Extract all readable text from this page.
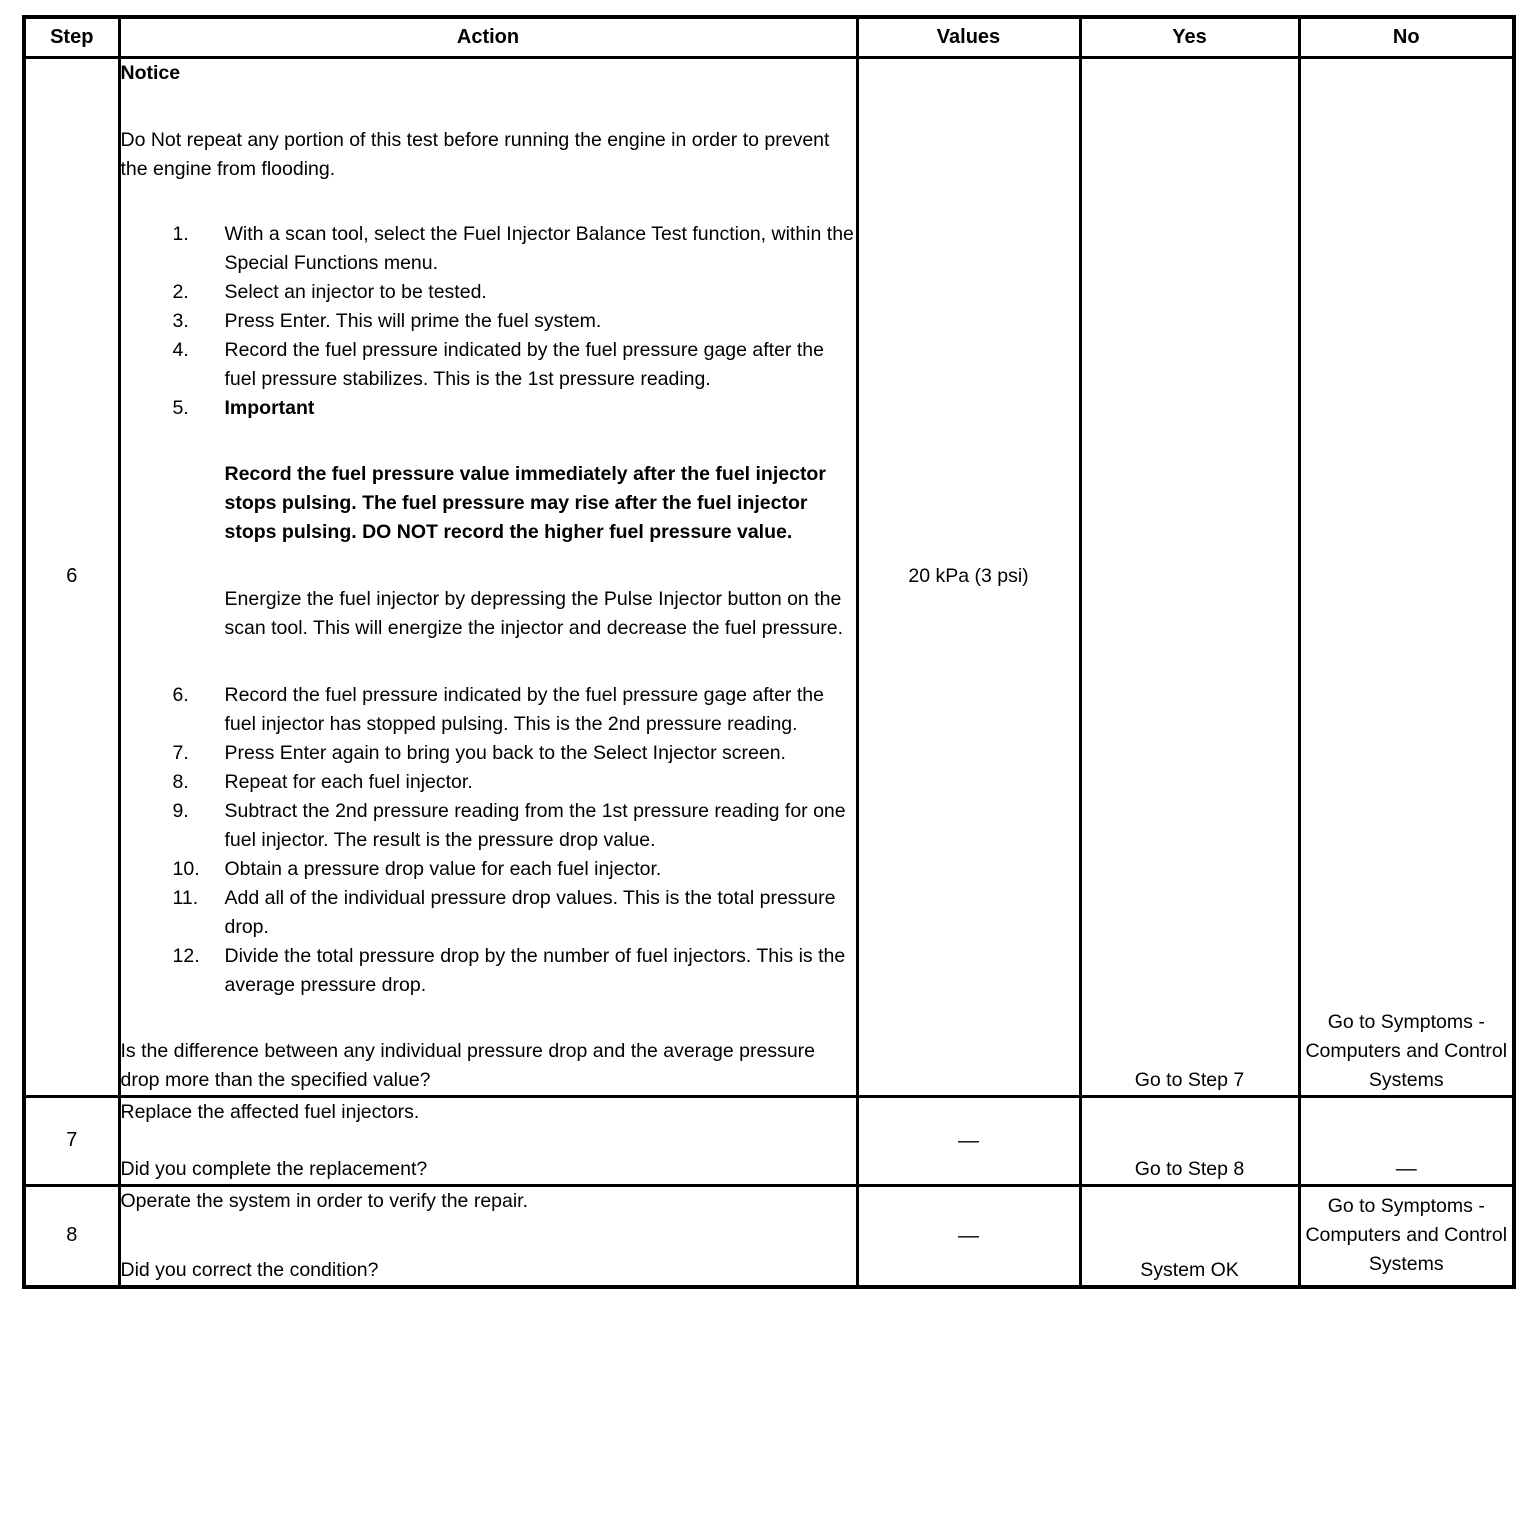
Step	Action	Values	Yes	No
6	

Notice

Do Not repeat any portion of this test before running the engine in order to prevent the engine from flooding.

1.	With a scan tool, select the Fuel Injector Balance Test function, within the Special Functions menu.
2.	Select an injector to be tested.
3.	Press Enter. This will prime the fuel system.
4.	Record the fuel pressure indicated by the fuel pressure gage after the fuel pressure stabilizes. This is the 1st pressure reading.
5.	Important

Record the fuel pressure value immediately after the fuel injector stops pulsing. The fuel pressure may rise after the fuel injector stops pulsing. DO NOT record the higher fuel pressure value.

Energize the fuel injector by depressing the Pulse Injector button on the scan tool. This will energize the injector and decrease the fuel pressure.

6.	Record the fuel pressure indicated by the fuel pressure gage after the fuel injector has stopped pulsing. This is the 2nd pressure reading.
7.	Press Enter again to bring you back to the Select Injector screen.
8.	Repeat for each fuel injector.
9.	Subtract the 2nd pressure reading from the 1st pressure reading for one fuel injector. The result is the pressure drop value.
10.	Obtain a pressure drop value for each fuel injector.
11.	Add all of the individual pressure drop values. This is the total pressure drop.
12.	Divide the total pressure drop by the number of fuel injectors. This is the average pressure drop.

Is the difference between any individual pressure drop and the average pressure drop more than the specified value?

	20 kPa (3 psi)	Go to Step 7	Go to Symptoms - Computers and Control Systems
7	Replace the affected fuel injectors.

Did you complete the replacement?	—	Go to Step 8	—
8	Operate the system in order to verify the repair.

Did you correct the condition?	—	System OK	Go to Symptoms - Computers and Control Systems
